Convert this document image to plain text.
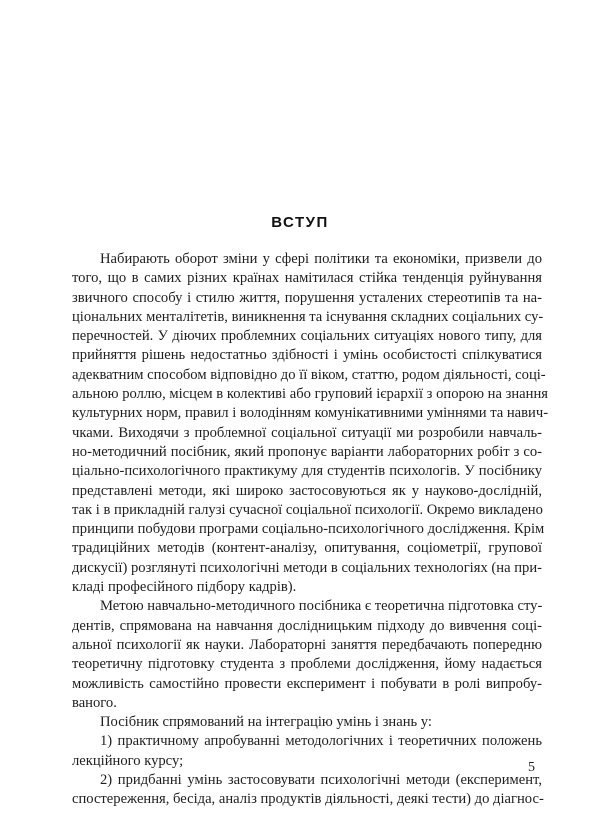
ВСТУП
Набирають оборот зміни у сфері політики та економіки, призвели до
того, що в самих різних країнах намітилася стійка тенденція руйнування
звичного способу і стилю життя, порушення усталених стереотипів та на-
ціональних менталітетів, виникнення та існування складних соціальних су-
перечностей. У діючих проблемних соціальних ситуаціях нового типу, для
прийняття рішень недостатньо здібності і умінь особистості спілкуватися
адекватним способом відповідно до її віком, статтю, родом діяльності, соці-
альною роллю, місцем в колективі або груповий ієрархії з опорою на знання
культурних норм, правил і володінням комунікативними уміннями та навич-
чками. Виходячи з проблемної соціальної ситуації ми розробили навчаль-
но-методичний посібник, який пропонує варіанти лабораторних робіт з со-
ціально-психологічного практикуму для студентів психологів. У посібнику
представлені методи, які широко застосовуються як у науково-дослідній,
так і в прикладній галузі сучасної соціальної психології. Окремо викладено
принципи побудови програми соціально-психологічного дослідження. Крім
традиційних методів (контент-аналізу, опитування, соціометрії, групової
дискусії) розглянуті психологічні методи в соціальних технологіях (на при-
кладі професійного підбору кадрів).
Метою навчально-методичного посібника є теоретична підготовка сту-
дентів, спрямована на навчання дослідницьким підходу до вивчення соці-
альної психології як науки. Лабораторні заняття передбачають попередню
теоретичну підготовку студента з проблеми дослідження, йому надається
можливість самостійно провести експеримент і побувати в ролі випробу-
ваного.
Посібник спрямований на інтеграцію умінь і знань у:
1) практичному апробуванні методологічних і теоретичних положень
лекційного курсу;
2) придбанні умінь застосовувати психологічні методи (експеримент,
спостереження, бесіда, аналіз продуктів діяльності, деякі тести) до діагнос-
5
